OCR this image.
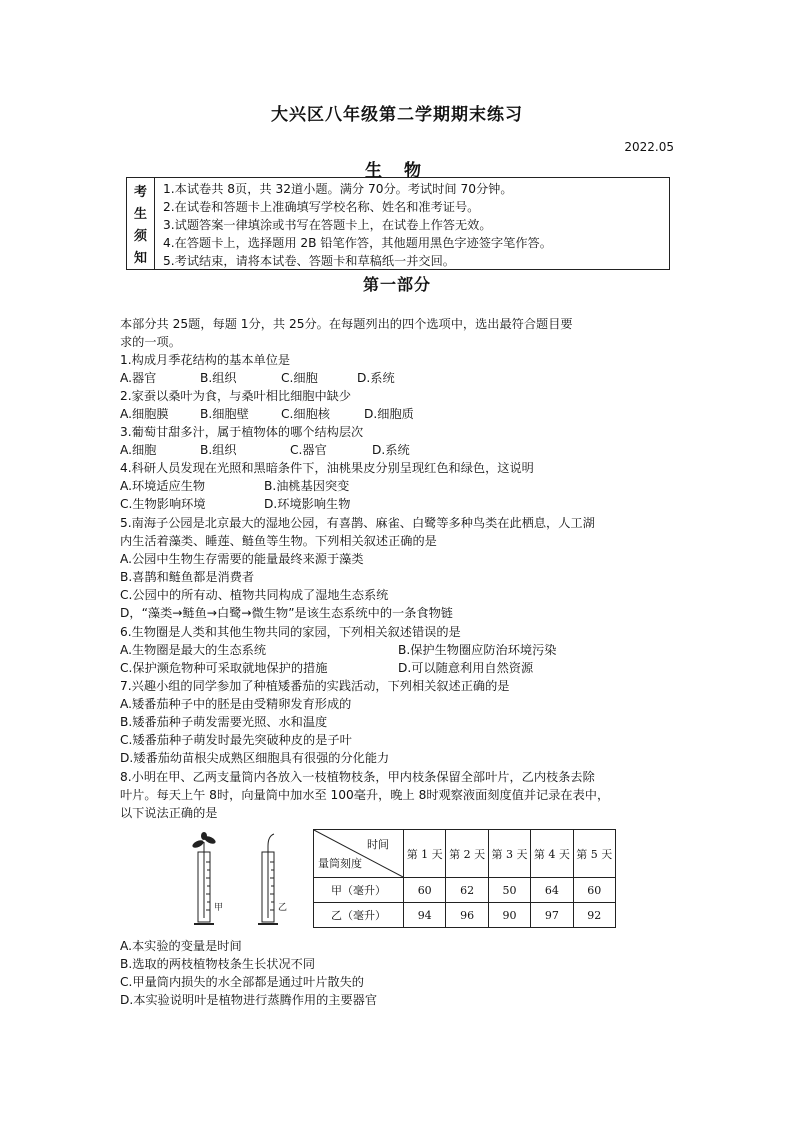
大兴区八年级第二学期期末练习
2022.05
生 物
考
生
须
知
1.本试卷共 8页，共 32道小题。满分 70分。考试时间 70分钟。
2.在试卷和答题卡上准确填写学校名称、姓名和准考证号。
3.试题答案一律填涂或书写在答题卡上，在试卷上作答无效。
4.在答题卡上，选择题用 2B 铅笔作答，其他题用黑色字迹签字笔作答。
5.考试结束，请将本试卷、答题卡和草稿纸一并交回。
第一部分
本部分共 25题，每题 1分，共 25分。在每题列出的四个选项中，选出最符合题目要
求的一项。
1.构成月季花结构的基本单位是
A.器官	B.组织	C.细胞	D.系统
2.家蚕以桑叶为食，与桑叶相比细胞中缺少
A.细胞膜	B.细胞壁	C.细胞核	D.细胞质
3.葡萄甘甜多汁，属于植物体的哪个结构层次
A.细胞	B.组织	C.器官	D.系统
4.科研人员发现在光照和黑暗条件下，油桃果皮分别呈现红色和绿色，这说明
A.环境适应生物	B.油桃基因突变
C.生物影响环境	D.环境影响生物
5.南海子公园是北京最大的湿地公园，有喜鹊、麻雀、白鹭等多种鸟类在此栖息，人工湖
内生活着藻类、睡莲、鲢鱼等生物。下列相关叙述正确的是
A.公园中生物生存需要的能量最终来源于藻类
B.喜鹊和鲢鱼都是消费者
C.公园中的所有动、植物共同构成了湿地生态系统
D，“藻类→鲢鱼→白鹭→微生物”是该生态系统中的一条食物链
6.生物圈是人类和其他生物共同的家园，下列相关叙述错误的是
A.生物圈是最大的生态系统	B.保护生物圈应防治环境污染
C.保护濒危物种可采取就地保护的措施	D.可以随意利用自然资源
7.兴趣小组的同学参加了种植矮番茄的实践活动，下列相关叙述正确的是
A.矮番茄种子中的胚是由受精卵发育形成的
B.矮番茄种子萌发需要光照、水和温度
C.矮番茄种子萌发时最先突破种皮的是子叶
D.矮番茄幼苗根尖成熟区细胞具有很强的分化能力
8.小明在甲、乙两支量筒内各放入一枝植物枝条，甲内枝条保留全部叶片，乙内枝条去除
叶片。每天上午 8时，向量筒中加水至 100毫升，晚上 8时观察液面刻度值并记录在表中，
以下说法正确的是
甲	乙
时间
量筒刻度	第 1 天	第 2 天	第 3 天	第 4 天	第 5 天
甲（毫升）	60	62	50	64	60
乙（毫升）	94	96	90	97	92
A.本实验的变量是时间
B.选取的两枝植物枝条生长状况不同
C.甲量筒内损失的水全部都是通过叶片散失的
D.本实验说明叶是植物进行蒸腾作用的主要器官
